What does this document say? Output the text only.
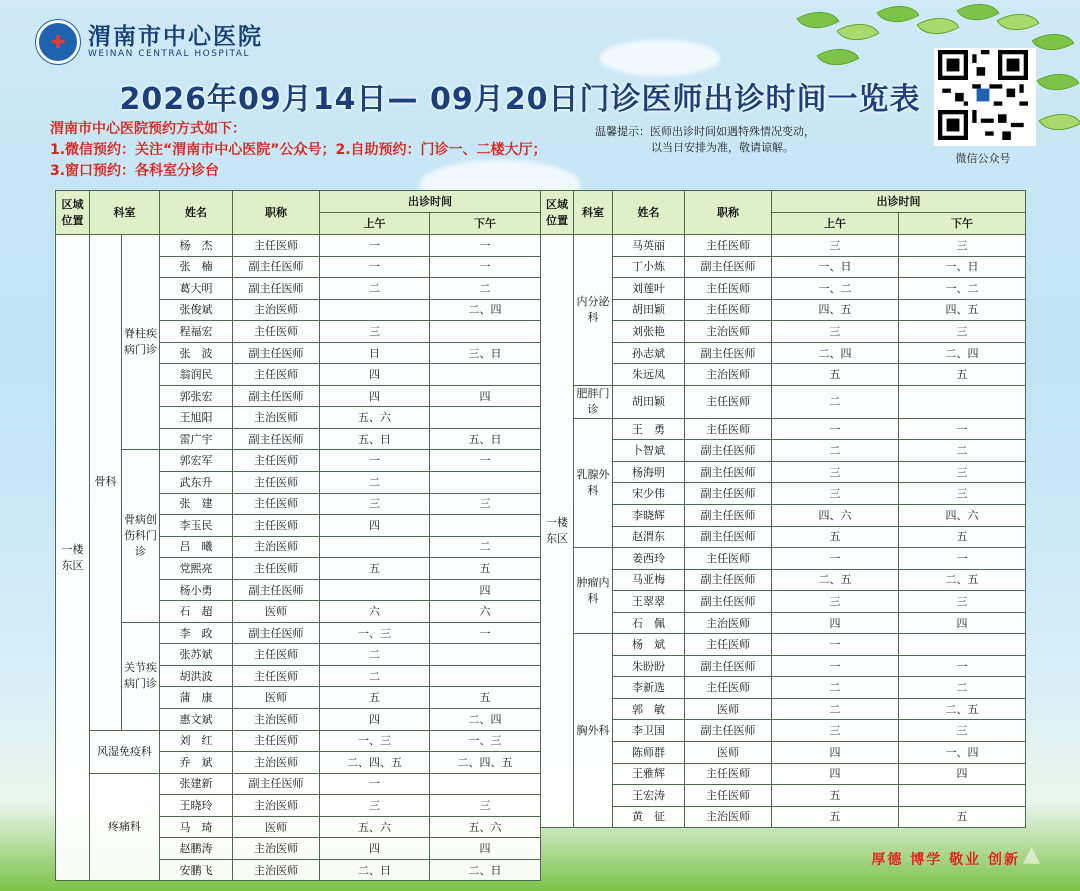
✚ 渭南市中心医院
WEINAN CENTRAL HOSPITAL
2026年09月14日— 09月20日门诊医师出诊时间一览表
微信公众号
渭南市中心医院预约方式如下：
1.微信预约：关注“渭南市中心医院”公众号；2.自助预约：门诊一、二楼大厅；
3.窗口预约：各科室分诊台
温馨提示：医师出诊时间如遇特殊情况变动，
以当日安排为准，敬请谅解。
区域位置	科室		姓名	职称	出诊时间	
					上午	下午
一楼东区	骨科	脊柱疾病门诊	杨　杰	主任医师	一	一
			张　楠	副主任医师	一	一
			葛大明	副主任医师	二	二
			张俊斌	主治医师		二、四
			程福宏	主任医师	三	
			张　波	副主任医师	日	三、日
			翁润民	主任医师	四	
			郭张宏	副主任医师	四	四
			王旭阳	主治医师	五、六	
			雷广宇	副主任医师	五、日	五、日
		骨病创伤科门诊	郭宏军	主任医师	一	一
			武东升	主任医师	二	
			张　建	主任医师	三	三
			李玉民	主任医师	四	
			吕　曦	主治医师		二
			党熙亮	主任医师	五	五
			杨小勇	副主任医师		四
			石　超	医师	六	六
		关节疾病门诊	李　政	副主任医师	一、三	一
			张苏斌	主任医师	二	
			胡洪波	主任医师	二	
			蒲　康	医师	五	五
			惠文斌	主治医师	四	二、四
	风湿免疫科		刘　红	主任医师	一、三	一、三
			乔　斌	主治医师	二、四、五	二、四、五
	疼痛科		张建新	副主任医师	一	
			王晓玲	主治医师	三	三
			马　琦	医师	五、六	五、六
			赵鹏涛	主治医师	四	四
			安鹏飞	主治医师	二、日	二、日
区域位置	科室	姓名	职称	出诊时间	
				上午	下午
一楼东区	内分泌科	马英丽	主任医师	三	三
		丁小炼	副主任医师	一、日	一、日
		刘莲叶	主任医师	一、二	一、二
		胡田颖	主任医师	四、五	四、五
		刘张艳	主治医师	三	三
		孙志斌	副主任医师	二、四	二、四
		朱远凤	主治医师	五	五
	肥胖门诊	胡田颖	主任医师	二	
	乳腺外科	王　勇	主任医师	一	一
		卜智斌	副主任医师	二	二
		杨海明	副主任医师	三	三
		宋少伟	副主任医师	三	三
		李晓辉	副主任医师	四、六	四、六
		赵渭东	副主任医师	五	五
	肿瘤内科	姜西玲	主任医师	一	一
		马亚梅	副主任医师	二、五	二、五
		王翠翠	副主任医师	三	三
		石　佩	主治医师	四	四
	胸外科	杨　斌	主任医师	一	
		朱盼盼	副主任医师	一	一
		李新选	主任医师	二	二
		郭　敏	医师	二	二、五
		李卫国	副主任医师	三	三
		陈师群	医师	四	一、四
		王雅辉	主任医师	四	四
		王宏涛	主任医师	五	
		黄　征	主治医师	五	五
▲
厚德 博学 敬业 创新
